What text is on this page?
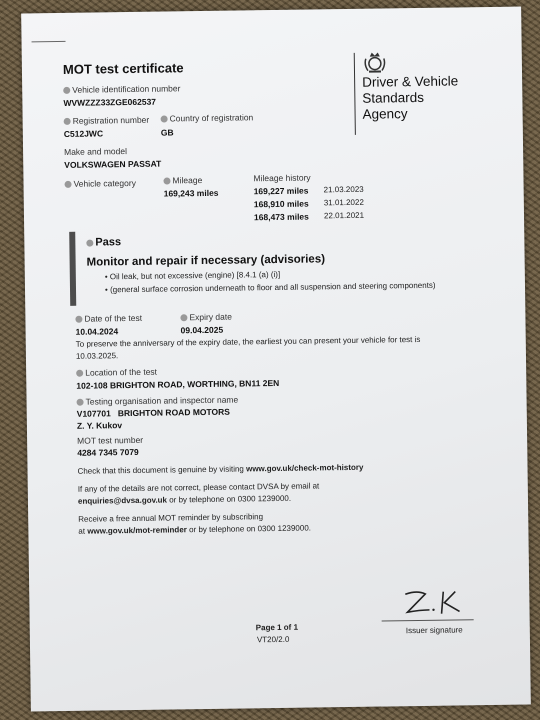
MOT test certificate
Driver & Vehicle
Standards
Agency
Vehicle identification number
WVWZZZ33ZGE062537
Registration number
C512JWC
Country of registration
GB
Make and model
VOLKSWAGEN PASSAT
Vehicle category	Mileage
169,243 miles
Mileage history
169,227 miles 21.03.2023
168,910 miles 31.01.2022
168,473 miles 22.01.2021
Pass
Monitor and repair if necessary (advisories)
• Oil leak, but not excessive (engine) [8.4.1 (a) (i)]
• (general surface corrosion underneath to floor and all suspension and steering components)
Date of the test
10.04.2024
Expiry date
09.04.2025
To preserve the anniversary of the expiry date, the earliest you can present your vehicle for test is
10.03.2025.
Location of the test
102-108 BRIGHTON ROAD, WORTHING, BN11 2EN
Testing organisation and inspector name
V107701   BRIGHTON ROAD MOTORS
Z. Y. Kukov
MOT test number
4284 7345 7079
Check that this document is genuine by visiting www.gov.uk/check-mot-history
If any of the details are not correct, please contact DVSA by email at
enquiries@dvsa.gov.uk or by telephone on 0300 1239000.
Receive a free annual MOT reminder by subscribing
at www.gov.uk/mot-reminder or by telephone on 0300 1239000.
Issuer signature
Page 1 of 1
VT20/2.0
